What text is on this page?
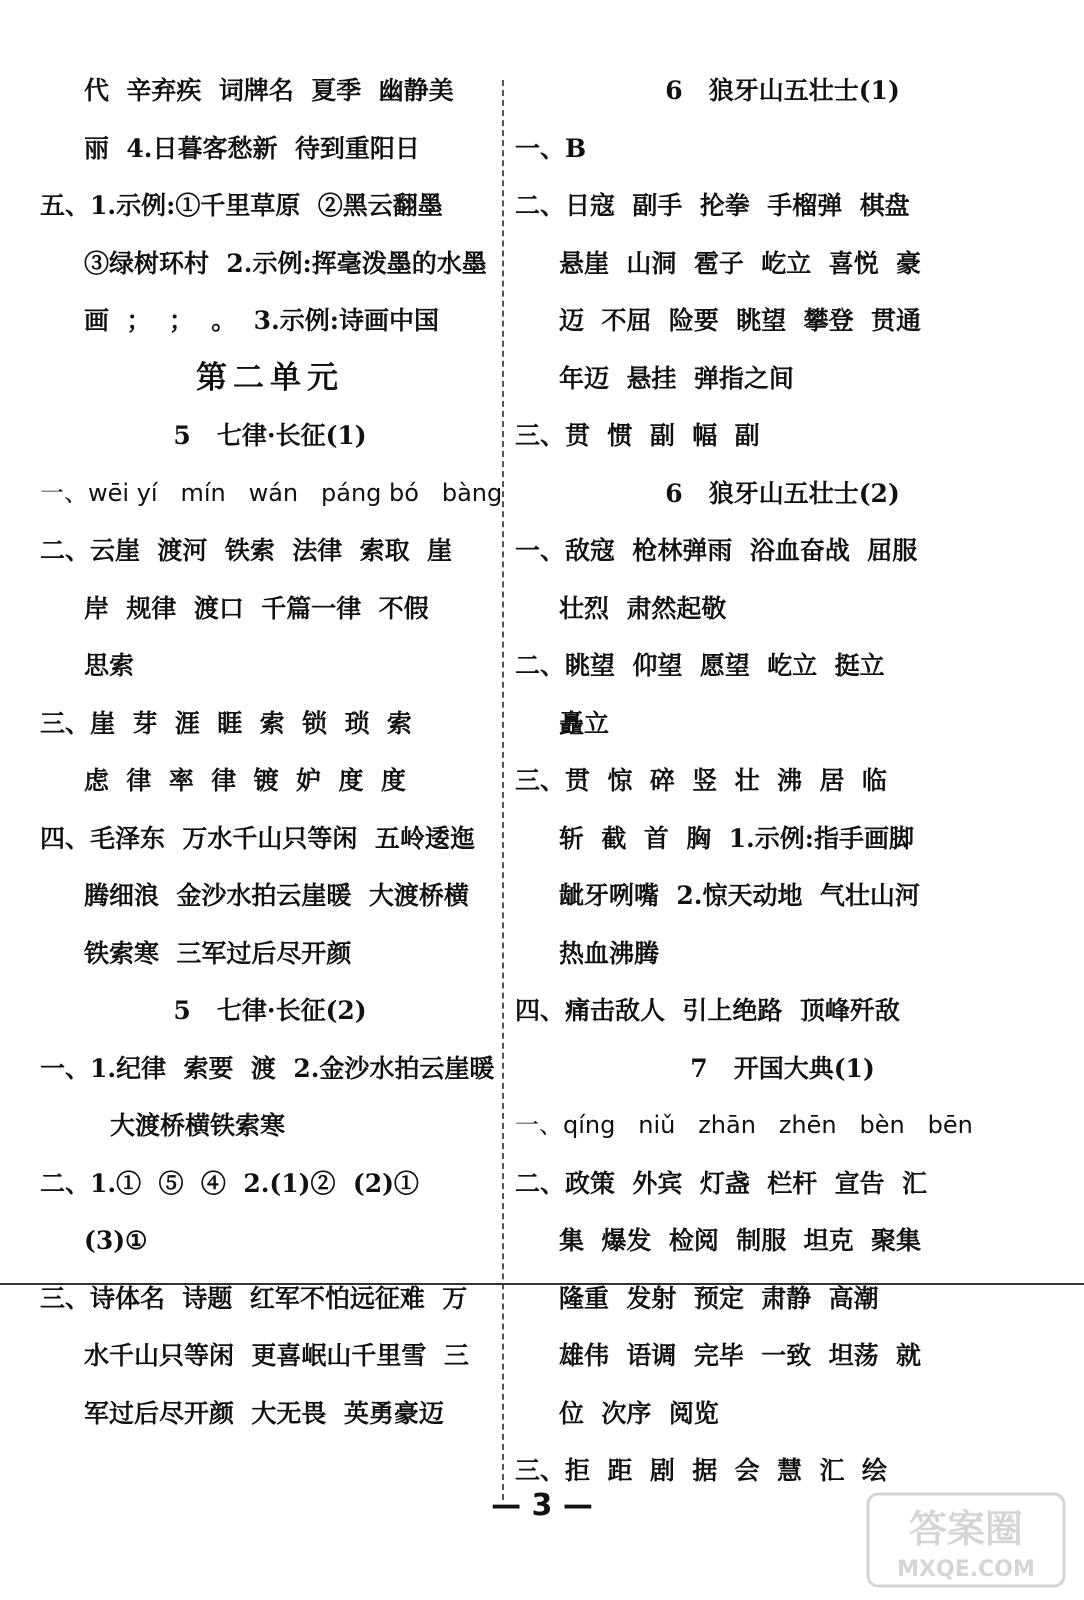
代  辛弃疾  词牌名  夏季  幽静美
丽  4.日暮客愁新  待到重阳日
五、1.示例:①千里草原  ②黑云翻墨
③绿树环村  2.示例:挥毫泼墨的水墨
画  ；  ；  。  3.示例:诗画中国
第二单元
5   七律·长征(1)
一、wēi yí   mín   wán   páng bó   bàng
二、云崖  渡河  铁索  法律  索取  崖
岸  规律  渡口  千篇一律  不假
思索
三、崖  芽  涯  睚  索  锁  琐  索
虑  律  率  律  镀  妒  度  度
四、毛泽东  万水千山只等闲  五岭逶迤
腾细浪  金沙水拍云崖暖  大渡桥横
铁索寒  三军过后尽开颜
5   七律·长征(2)
一、1.纪律  索要  渡  2.金沙水拍云崖暖
大渡桥横铁索寒
二、1.①  ⑤  ④  2.(1)②  (2)①
(3)①
三、诗体名  诗题  红军不怕远征难  万
水千山只等闲  更喜岷山千里雪  三
军过后尽开颜  大无畏  英勇豪迈
6   狼牙山五壮士(1)
一、B
二、日寇  副手  抡拳  手榴弹  棋盘
悬崖  山洞  雹子  屹立  喜悦  豪
迈  不屈  险要  眺望  攀登  贯通
年迈  悬挂  弹指之间
三、贯  惯  副  幅  副
6   狼牙山五壮士(2)
一、敌寇  枪林弹雨  浴血奋战  屈服
壮烈  肃然起敬
二、眺望  仰望  愿望  屹立  挺立
矗立
三、贯  惊  碎  竖  壮  沸  居  临
斩  截  首  胸  1.示例:指手画脚
龇牙咧嘴  2.惊天动地  气壮山河
热血沸腾
四、痛击敌人  引上绝路  顶峰歼敌
7   开国大典(1)
一、qíng   niǔ   zhān   zhēn   bèn   bēn
二、政策  外宾  灯盏  栏杆  宣告  汇
集  爆发  检阅  制服  坦克  聚集
隆重  发射  预定  肃静  高潮
雄伟  语调  完毕  一致  坦荡  就
位  次序  阅览
三、拒  距  剧  据  会  慧  汇  绘
— 3 —
答案圈
MXQE.COM
